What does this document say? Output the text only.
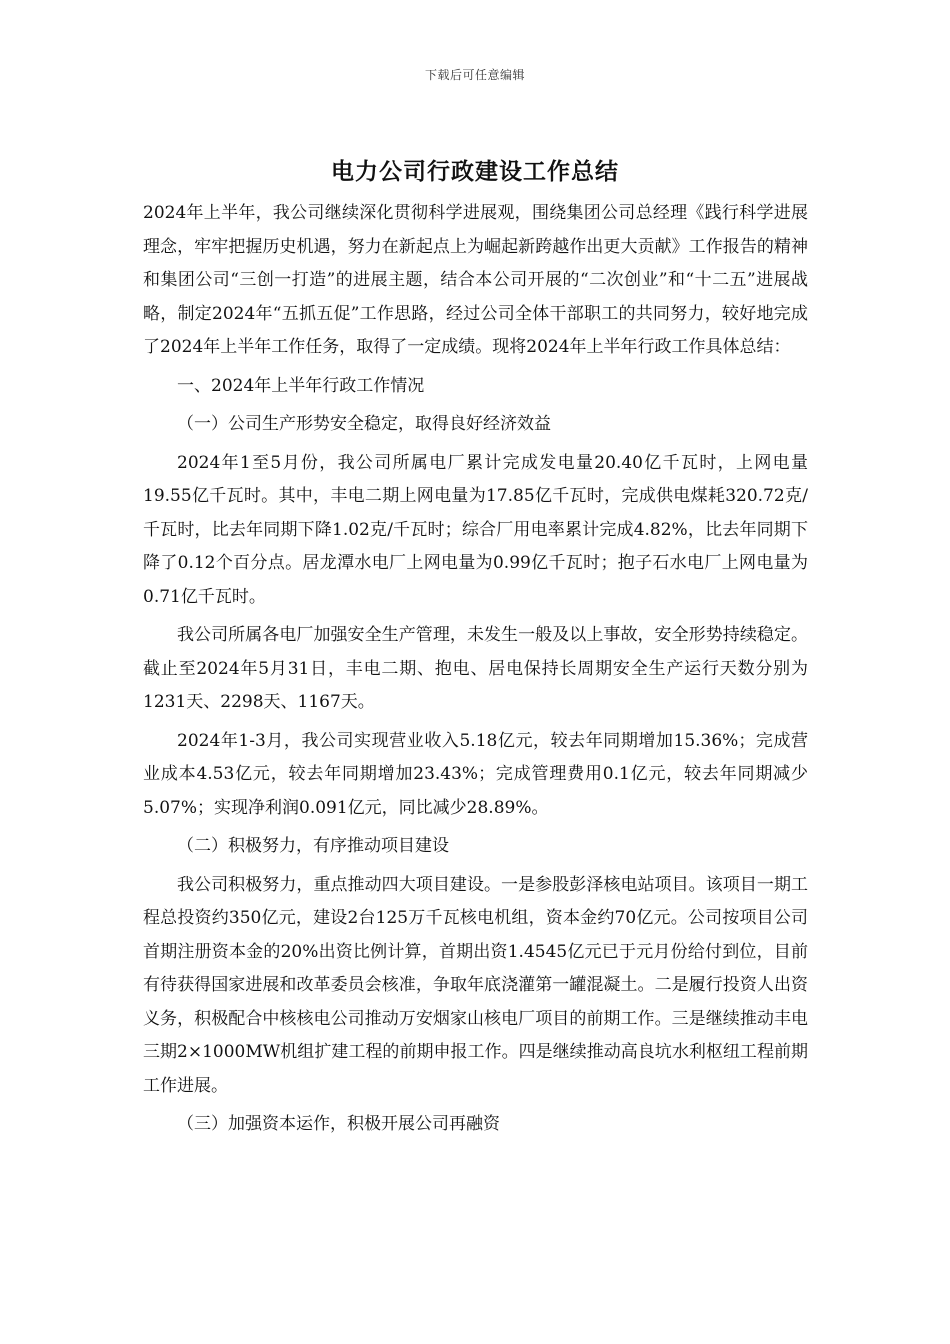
下载后可任意编辑
电力公司行政建设工作总结

2024年上半年，我公司继续深化贯彻科学进展观，围绕集团公司总经理《践行科学进展理念，牢牢把握历史机遇，努力在新起点上为崛起新跨越作出更大贡献》工作报告的精神和集团公司“三创一打造”的进展主题，结合本公司开展的“二次创业”和“十二五”进展战略，制定2024年“五抓五促”工作思路，经过公司全体干部职工的共同努力，较好地完成了2024年上半年工作任务，取得了一定成绩。现将2024年上半年行政工作具体总结：

一、2024年上半年行政工作情况

（一）公司生产形势安全稳定，取得良好经济效益

2024年1至5月份，我公司所属电厂累计完成发电量20.40亿千瓦时，上网电量19.55亿千瓦时。其中，丰电二期上网电量为17.85亿千瓦时，完成供电煤耗320.72克/千瓦时，比去年同期下降1.02克/千瓦时；综合厂用电率累计完成4.82%，比去年同期下降了0.12个百分点。居龙潭水电厂上网电量为0.99亿千瓦时；抱子石水电厂上网电量为0.71亿千瓦时。

我公司所属各电厂加强安全生产管理，未发生一般及以上事故，安全形势持续稳定。截止至2024年5月31日，丰电二期、抱电、居电保持长周期安全生产运行天数分别为1231天、2298天、1167天。

2024年1-3月，我公司实现营业收入5.18亿元，较去年同期增加15.36%；完成营业成本4.53亿元，较去年同期增加23.43%；完成管理费用0.1亿元，较去年同期减少5.07%；实现净利润0.091亿元，同比减少28.89%。

（二）积极努力，有序推动项目建设

我公司积极努力，重点推动四大项目建设。一是参股彭泽核电站项目。该项目一期工程总投资约350亿元，建设2台125万千瓦核电机组，资本金约70亿元。公司按项目公司首期注册资本金的20%出资比例计算，首期出资1.4545亿元已于元月份给付到位，目前有待获得国家进展和改革委员会核准，争取年底浇灌第一罐混凝土。二是履行投资人出资义务，积极配合中核核电公司推动万安烟家山核电厂项目的前期工作。三是继续推动丰电三期2×1000MW机组扩建工程的前期申报工作。四是继续推动高良坑水利枢纽工程前期工作进展。

（三）加强资本运作，积极开展公司再融资
